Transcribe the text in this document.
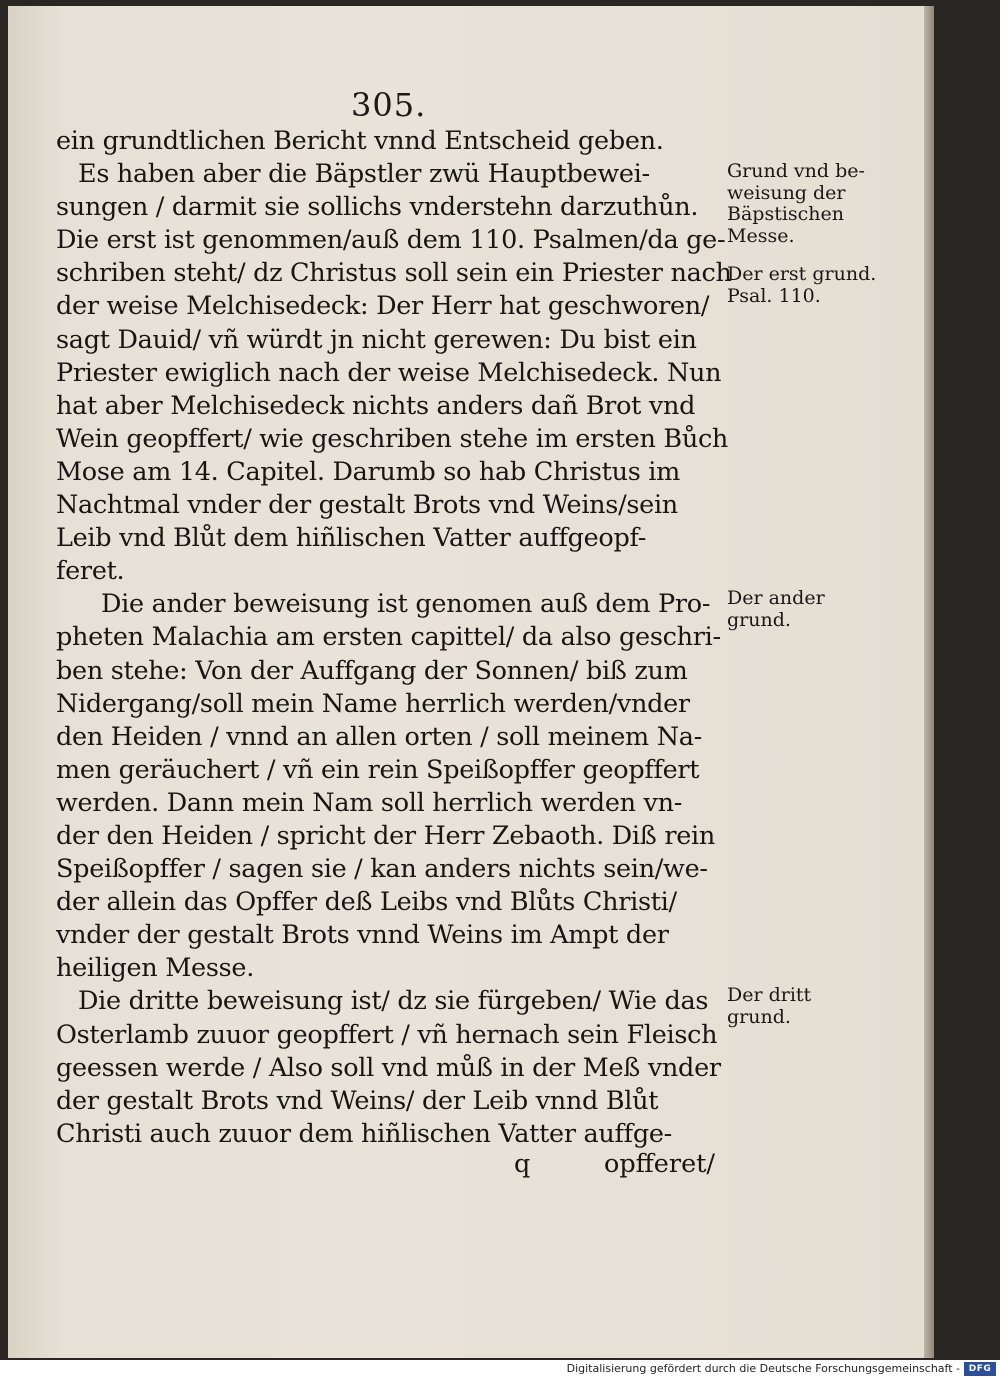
305.
ein grundtlichen Bericht vnnd Entscheid geben.
Es haben aber die Bäpstler zwü Hauptbewei-
sungen / darmit sie sollichs vnderstehn darzuthůn.
Die erst ist genommen/auß dem 110. Psalmen/da ge-
schriben steht/ dz Christus soll sein ein Priester nach
der weise Melchisedeck: Der Herr hat geschworen/
sagt Dauid/ vñ würdt jn nicht gerewen: Du bist ein
Priester ewiglich nach der weise Melchisedeck. Nun
hat aber Melchisedeck nichts anders dañ Brot vnd
Wein geopffert/ wie geschriben stehe im ersten Bůch
Mose am 14. Capitel. Darumb so hab Christus im
Nachtmal vnder der gestalt Brots vnd Weins/sein
Leib vnd Blůt dem hiñlischen Vatter auffgeopf-
feret.
Die ander beweisung ist genomen auß dem Pro-
pheten Malachia am ersten capittel/ da also geschri-
ben stehe: Von der Auffgang der Sonnen/ biß zum
Nidergang/soll mein Name herrlich werden/vnder
den Heiden / vnnd an allen orten / soll meinem Na-
men geräuchert / vñ ein rein Speißopffer geopffert
werden. Dann mein Nam soll herrlich werden vn-
der den Heiden / spricht der Herr Zebaoth. Diß rein
Speißopffer / sagen sie / kan anders nichts sein/we-
der allein das Opffer deß Leibs vnd Blůts Christi/
vnder der gestalt Brots vnnd Weins im Ampt der
heiligen Messe.
Die dritte beweisung ist/ dz sie fürgeben/ Wie das
Osterlamb zuuor geopffert / vñ hernach sein Fleisch
geessen werde / Also soll vnd můß in der Meß vnder
der gestalt Brots vnd Weins/ der Leib vnnd Blůt
Christi auch zuuor dem hiñlischen Vatter auffge-
Grund vnd be-
weisung der
Bäpstischen
Messe.
Der erst grund.
Psal. 110.
Der ander
grund.
Der dritt
grund.
q	opfferet/
Digitalisierung gefördert durch die Deutsche Forschungsgemeinschaft - DFG
